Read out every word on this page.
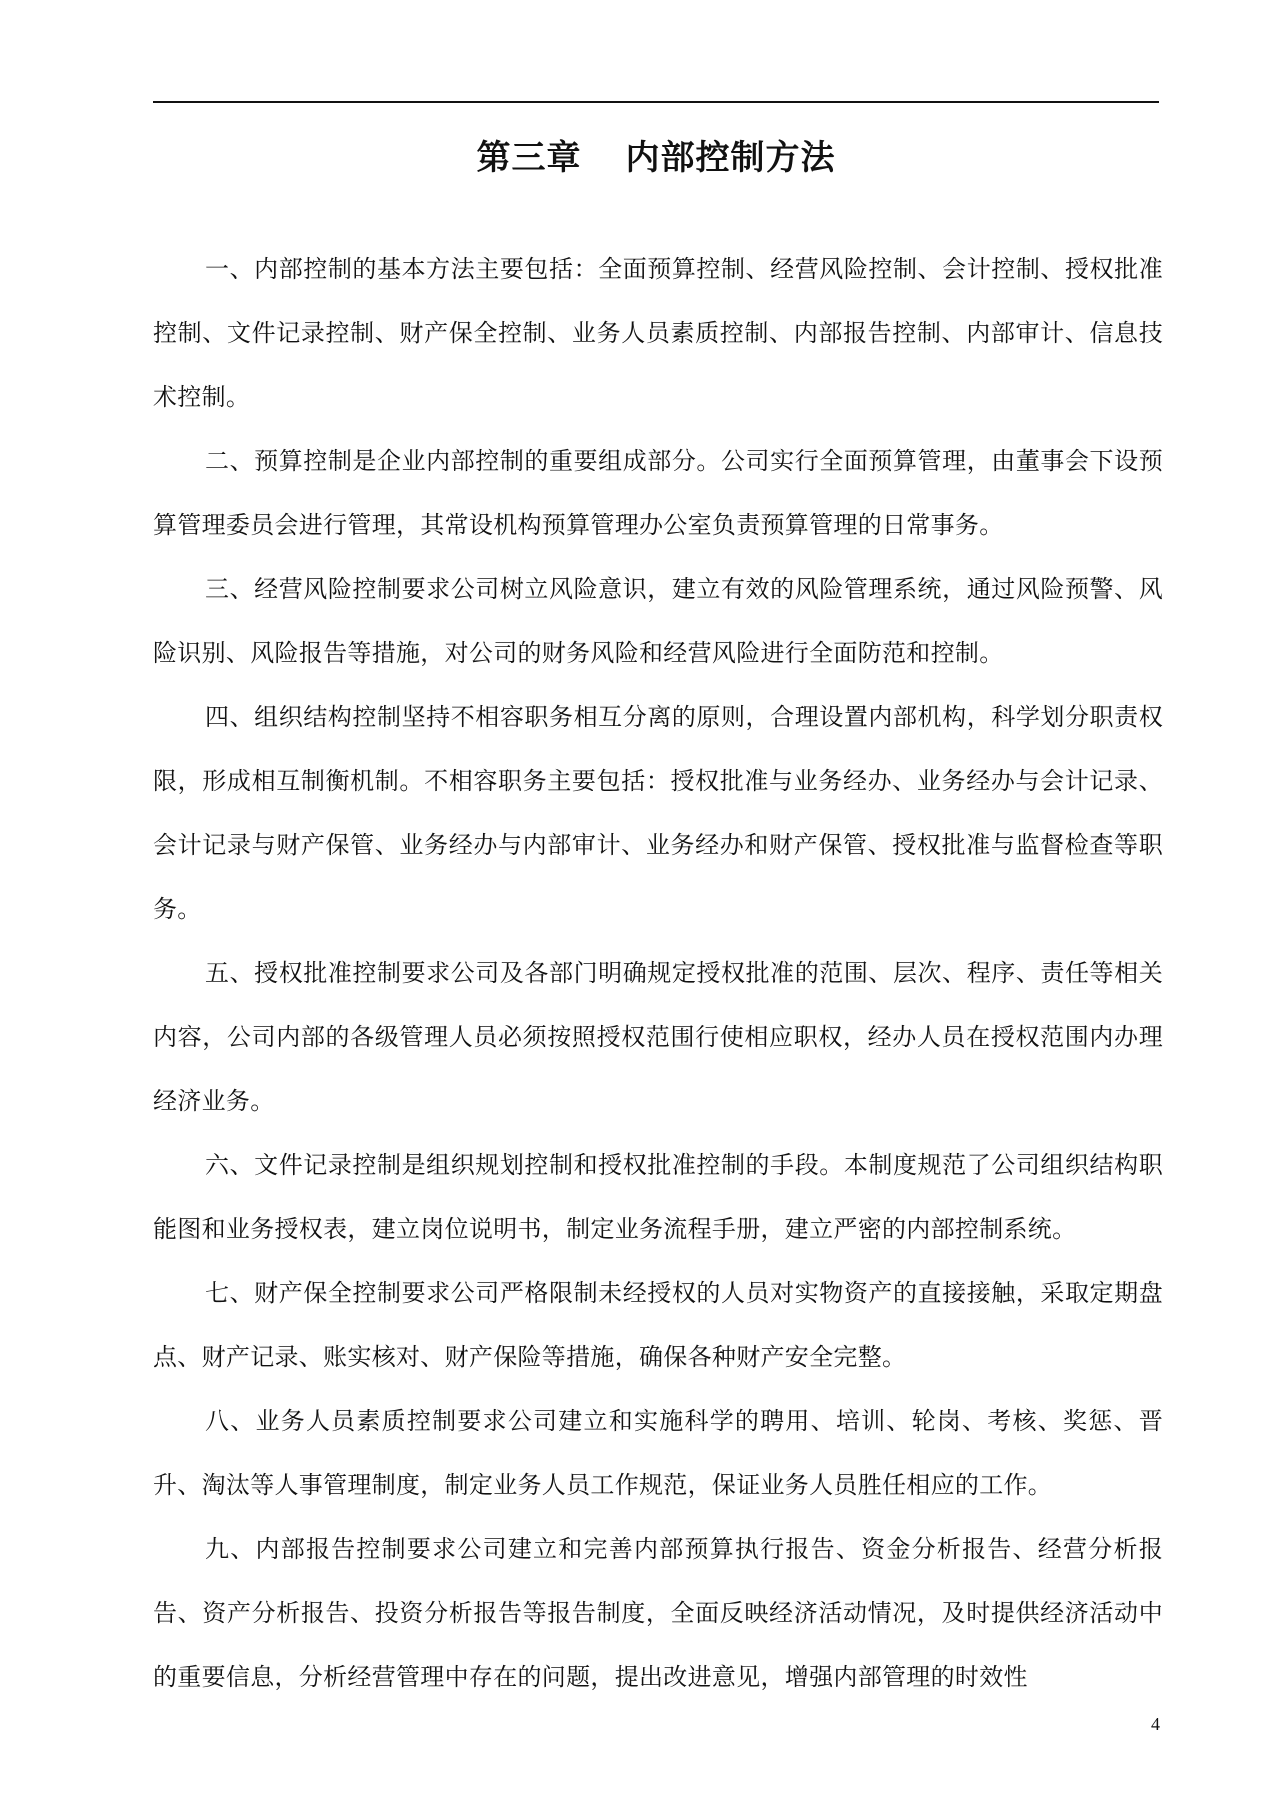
第三章 内部控制方法

一、内部控制的基本方法主要包括：全面预算控制、经营风险控制、会计控制、授权批准控制、文件记录控制、财产保全控制、业务人员素质控制、内部报告控制、内部审计、信息技术控制。

二、预算控制是企业内部控制的重要组成部分。公司实行全面预算管理，由董事会下设预算管理委员会进行管理，其常设机构预算管理办公室负责预算管理的日常事务。

三、经营风险控制要求公司树立风险意识，建立有效的风险管理系统，通过风险预警、风险识别、风险报告等措施，对公司的财务风险和经营风险进行全面防范和控制。

四、组织结构控制坚持不相容职务相互分离的原则，合理设置内部机构，科学划分职责权限，形成相互制衡机制。不相容职务主要包括：授权批准与业务经办、业务经办与会计记录、会计记录与财产保管、业务经办与内部审计、业务经办和财产保管、授权批准与监督检查等职务。

五、授权批准控制要求公司及各部门明确规定授权批准的范围、层次、程序、责任等相关内容，公司内部的各级管理人员必须按照授权范围行使相应职权，经办人员在授权范围内办理经济业务。

六、文件记录控制是组织规划控制和授权批准控制的手段。本制度规范了公司组织结构职能图和业务授权表，建立岗位说明书，制定业务流程手册，建立严密的内部控制系统。

七、财产保全控制要求公司严格限制未经授权的人员对实物资产的直接接触，采取定期盘点、财产记录、账实核对、财产保险等措施，确保各种财产安全完整。

八、业务人员素质控制要求公司建立和实施科学的聘用、培训、轮岗、考核、奖惩、晋升、淘汰等人事管理制度，制定业务人员工作规范，保证业务人员胜任相应的工作。

九、内部报告控制要求公司建立和完善内部预算执行报告、资金分析报告、经营分析报告、资产分析报告、投资分析报告等报告制度，全面反映经济活动情况，及时提供经济活动中的重要信息，分析经营管理中存在的问题，提出改进意见，增强内部管理的时效性

4
